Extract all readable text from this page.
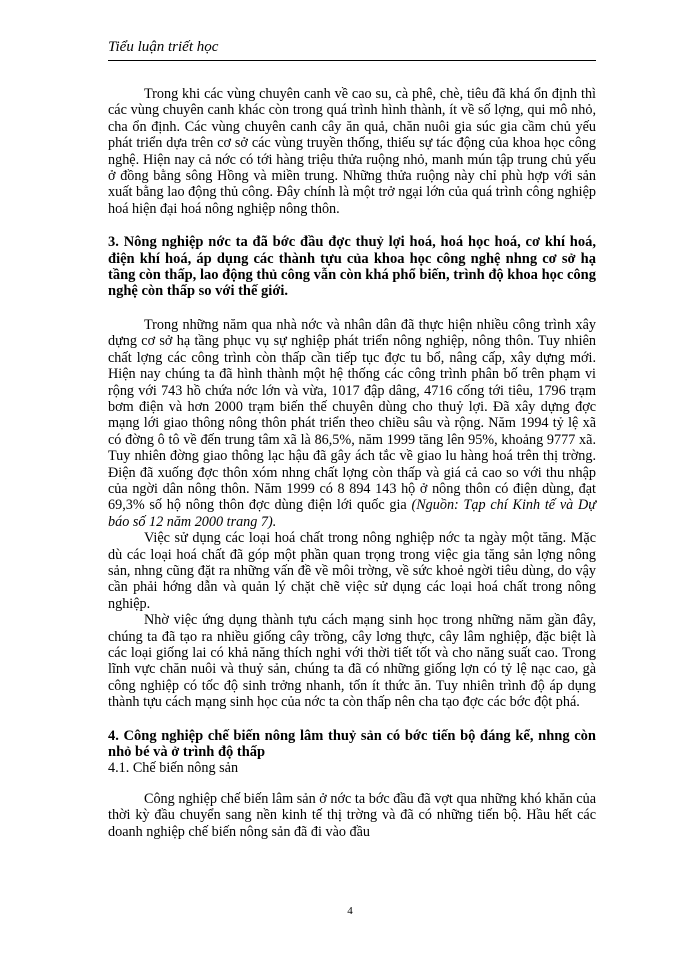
Tiểu luận triết học

Trong khi các vùng chuyên canh về cao su, cà phê, chè, tiêu đã khá ổn định thì các vùng chuyên canh khác còn trong quá trình hình thành, ít về số lợng, qui mô nhỏ, cha ổn định. Các vùng chuyên canh cây ăn quả, chăn nuôi gia súc gia cầm chủ yếu phát triển dựa trên cơ sở các vùng truyền thống, thiếu sự tác động của khoa học công nghệ. Hiện nay cả nớc có tới hàng triệu thửa ruộng nhỏ, manh mún tập trung chủ yếu ở đồng bằng sông Hồng và miền trung. Những thửa ruộng này chỉ phù hợp với sản xuất bằng lao động thủ công. Đây chính là một trở ngại lớn của quá trình công nghiệp hoá hiện đại hoá nông nghiệp nông thôn.

3. Nông nghiệp nớc ta đã bớc đầu đợc thuỷ lợi hoá, hoá học hoá, cơ khí hoá, điện khí hoá, áp dụng các thành tựu của khoa học công nghệ nhng cơ sở hạ tầng còn thấp, lao động thủ công vẫn còn khá phổ biến, trình độ khoa học công nghệ còn thấp so với thế giới.

Trong những năm qua nhà nớc và nhân dân đã thực hiện nhiều công trình xây dựng cơ sở hạ tầng phục vụ sự nghiệp phát triển nông nghiệp, nông thôn. Tuy nhiên chất lợng các công trình còn thấp cần tiếp tục đợc tu bổ, nâng cấp, xây dựng mới. Hiện nay chúng ta đã hình thành một hệ thống các công trình phân bố trên phạm vi rộng với 743 hồ chứa nớc lớn và vừa, 1017 đập dâng, 4716 cống tới tiêu, 1796 trạm bơm điện và hơn 2000 trạm biến thế chuyên dùng cho thuỷ lợi. Đã xây dựng đợc mạng lới giao thông nông thôn phát triển theo chiều sâu và rộng. Năm 1994 tỷ lệ xã có đờng ô tô về đến trung tâm xã là 86,5%, năm 1999 tăng lên 95%, khoảng 9777 xã. Tuy nhiên đờng giao thông lạc hậu đã gây ách tắc về giao lu hàng hoá trên thị trờng. Điện đã xuống đợc thôn xóm nhng chất lợng còn thấp và giá cả cao so với thu nhập của ngời dân nông thôn. Năm 1999 có 8 894 143 hộ ở nông thôn có điện dùng, đạt 69,3% số hộ nông thôn đợc dùng điện lới quốc gia (Nguồn: Tạp chí Kinh tế và Dự báo số 12 năm 2000 trang 7).

Việc sử dụng các loại hoá chất trong nông nghiệp nớc ta ngày một tăng. Mặc dù các loại hoá chất đã góp một phần quan trọng trong việc gia tăng sản lợng nông sản, nhng cũng đặt ra những vấn đề về môi trờng, về sức khoẻ ngời tiêu dùng, do vậy cần phải hớng dẫn và quản lý chặt chẽ việc sử dụng các loại hoá chất trong nông nghiệp.

Nhờ việc ứng dụng thành tựu cách mạng sinh học trong những năm gần đây, chúng ta đã tạo ra nhiều giống cây trồng, cây lơng thực, cây lâm nghiệp, đặc biệt là các loại giống lai có khả năng thích nghi với thời tiết tốt và cho năng suất cao. Trong lĩnh vực chăn nuôi và thuỷ sản, chúng ta đã có những giống lợn có tỷ lệ nạc cao, gà công nghiệp có tốc độ sinh trởng nhanh, tốn ít thức ăn. Tuy nhiên trình độ áp dụng thành tựu cách mạng sinh học của nớc ta còn thấp nên cha tạo đợc các bớc đột phá.

4. Công nghiệp chế biến nông lâm thuỷ sản có bớc tiến bộ đáng kể, nhng còn nhỏ bé và ở trình độ thấp
4.1. Chế biến nông sản

Công nghiệp chế biến lâm sản ở nớc ta bớc đầu đã vợt qua những khó khăn của thời kỳ đầu chuyển sang nền kinh tế thị trờng và đã có những tiến bộ. Hầu hết các doanh nghiệp chế biến nông sản đã đi vào đầu

4
